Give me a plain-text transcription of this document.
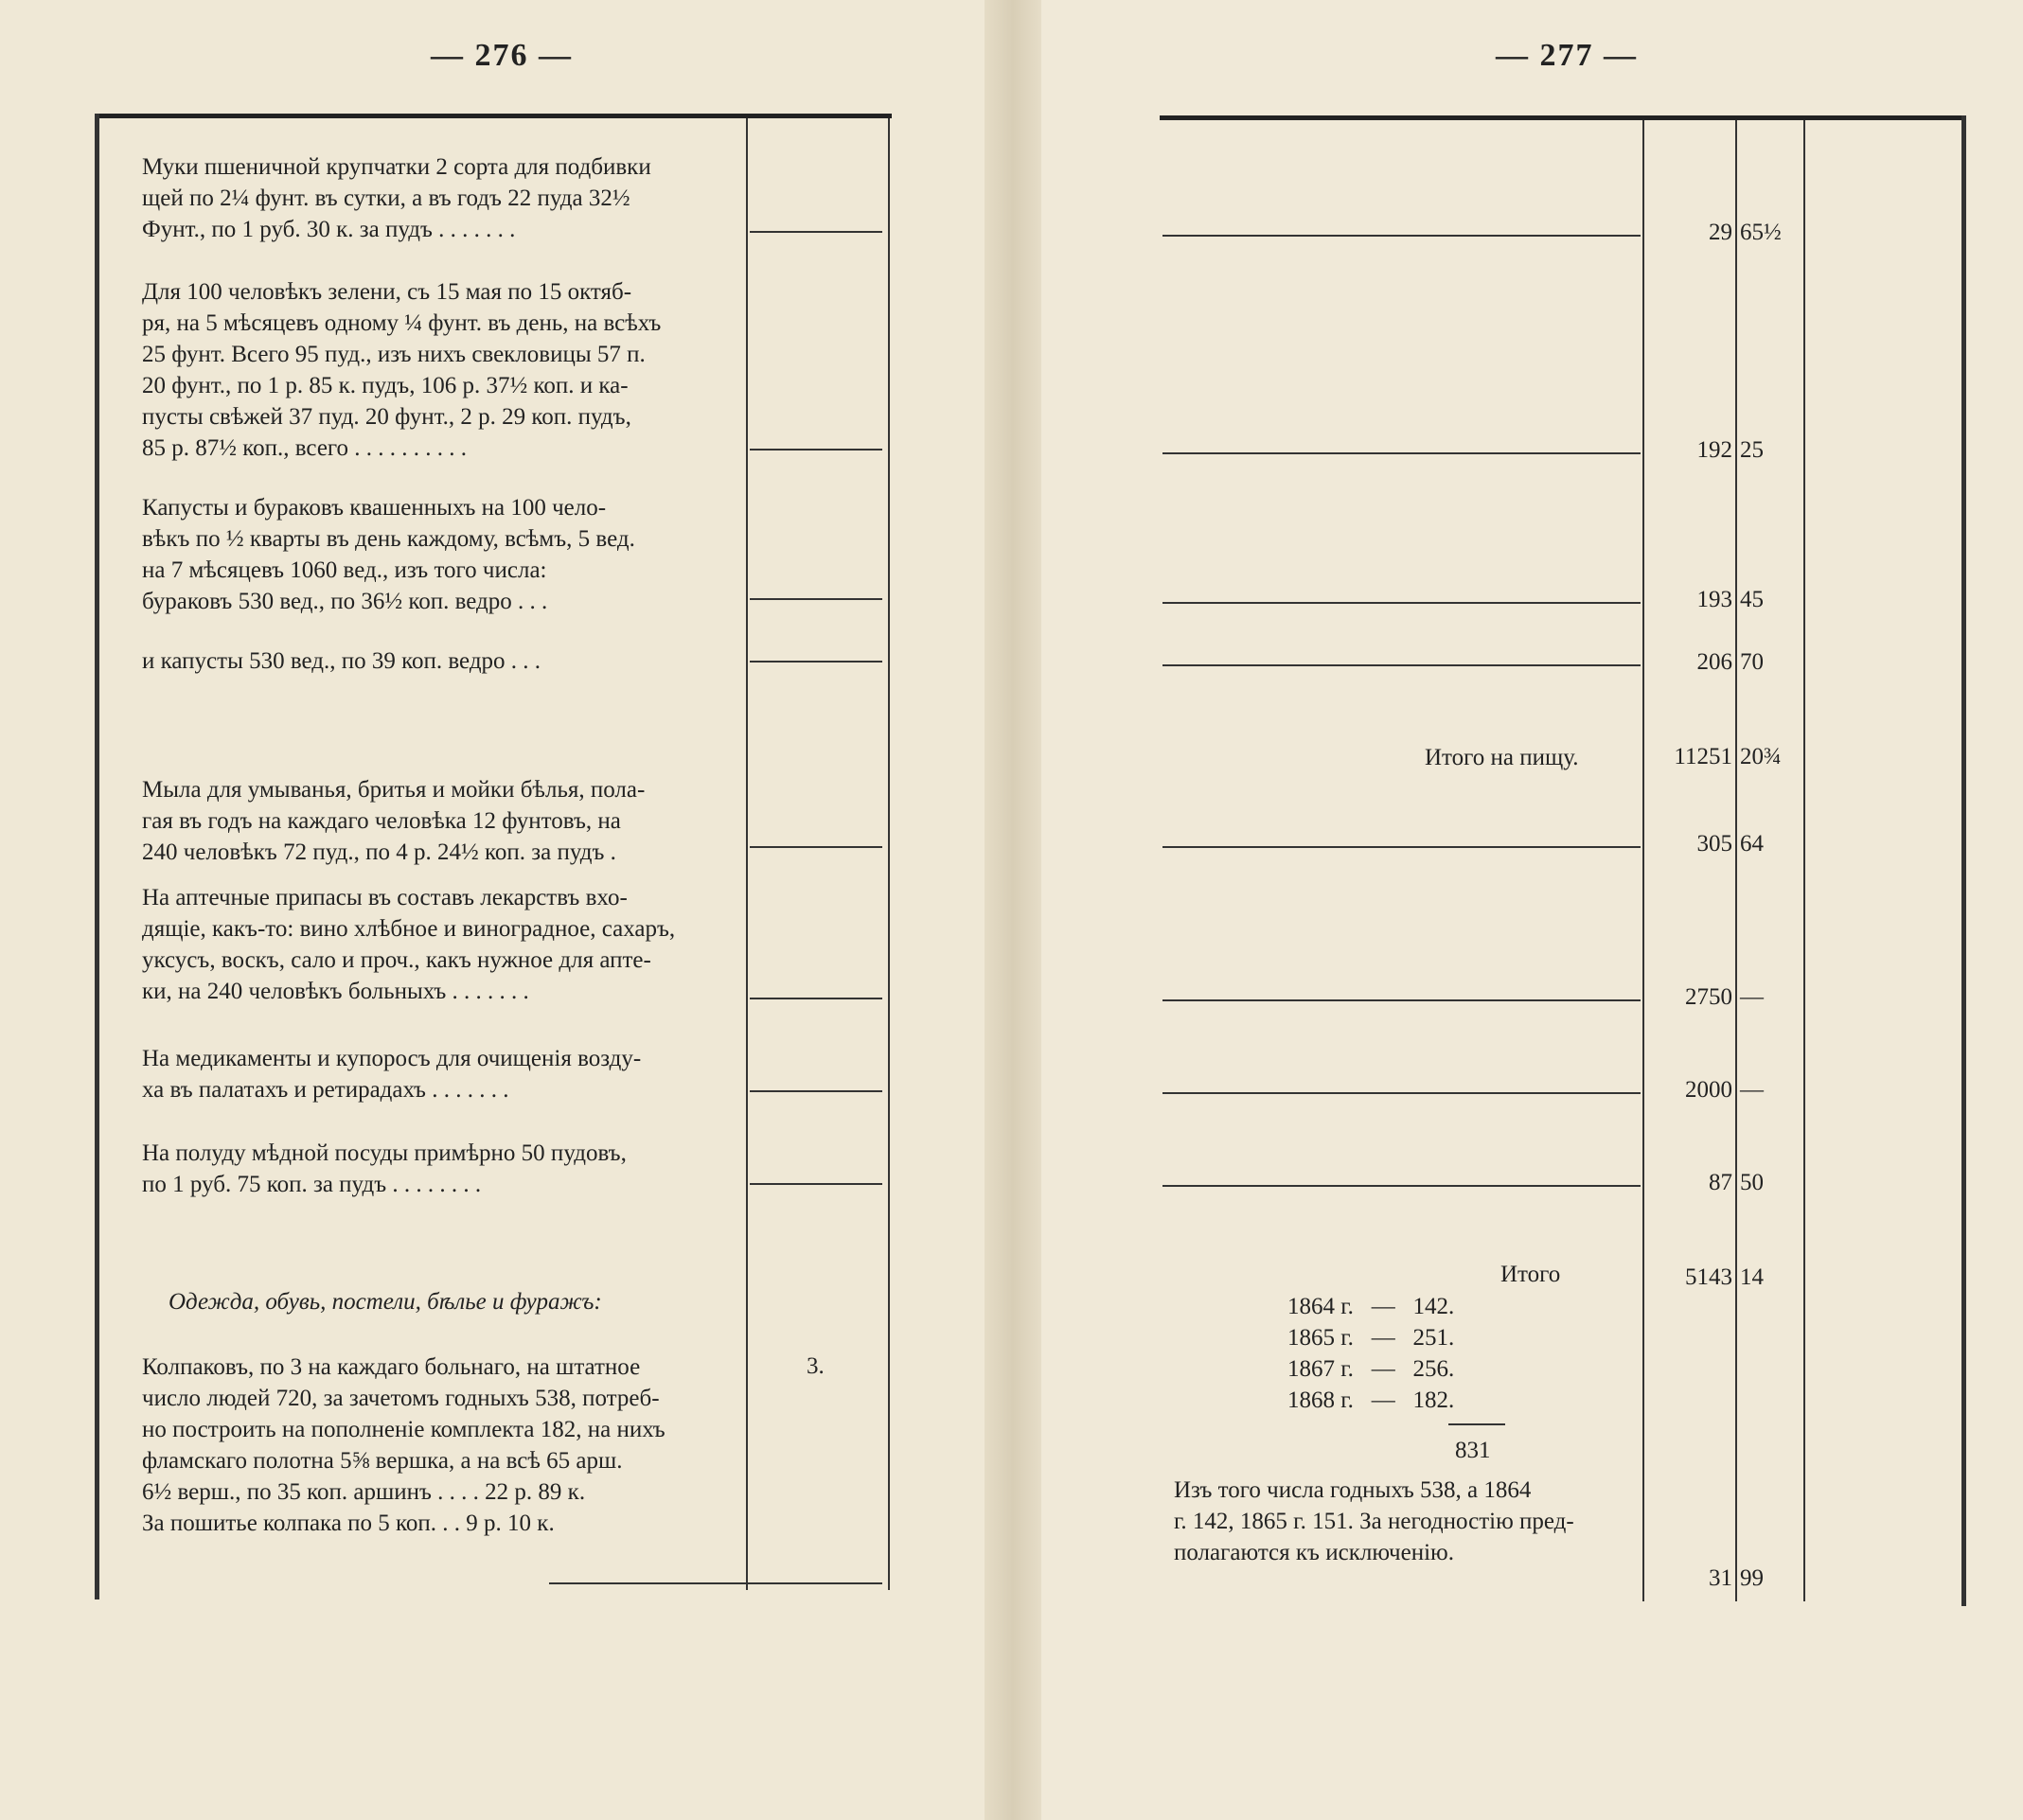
— 276 —
Муки пшеничной крупчатки 2 сорта для подбивки
щей по 2¼ фунт. въ сутки, а въ годъ 22 пуда 32½
Фунт., по 1 руб. 30 к. за пудъ . . . . . . .
Для 100 человѣкъ зелени, съ 15 мая по 15 октяб-
ря, на 5 мѣсяцевъ одному ¼ фунт. въ день, на всѣхъ
25 фунт. Всего 95 пуд., изъ нихъ свекловицы 57 п.
20 фунт., по 1 р. 85 к. пудъ, 106 р. 37½ коп. и ка-
пусты свѣжей 37 пуд. 20 фунт., 2 р. 29 коп. пудъ,
85 р. 87½ коп., всего . . . . . . . . . .
Капусты и бураковъ квашенныхъ на 100 чело-
вѣкъ по ½ кварты въ день каждому, всѣмъ, 5 вед.
на 7 мѣсяцевъ 1060 вед., изъ того числа:
бураковъ 530 вед., по 36½ коп. ведро . . .
и капусты 530 вед., по 39 коп. ведро . . .
Мыла для умыванья, бритья и мойки бѣлья, пола-
гая въ годъ на каждаго человѣка 12 фунтовъ, на
240 человѣкъ 72 пуд., по 4 р. 24½ коп. за пудъ .
На аптечные припасы въ составъ лекарствъ вхо-
дящіе, какъ-то: вино хлѣбное и виноградное, сахаръ,
уксусъ, воскъ, сало и проч., какъ нужное для апте-
ки, на 240 человѣкъ больныхъ . . . . . . .
На медикаменты и купоросъ для очищенія возду-
ха въ палатахъ и ретирадахъ . . . . . . .
На полуду мѣдной посуды примѣрно 50 пудовъ,
по 1 руб. 75 коп. за пудъ . . . . . . . .
Одежда, обувь, постели, бѣлье и фуражъ:
Колпаковъ, по 3 на каждаго больнаго, на штатное
число людей 720, за зачетомъ годныхъ 538, потреб-
но построить на пополненіе комплекта 182, на нихъ
фламскаго полотна 5⅝ вершка, а на всѣ 65 арш.
6½ верш., по 35 коп. аршинъ . . . . 22 р. 89 к.
За пошитье колпака по 5 коп. . . 9 р. 10 к.
3.
— 277 —
29 65½
192 25
193 45
206 70
Итого на пищу.	11251 20¾
305 64
2750 —
2000 —
87 50
Итого	5143 14
1864 г. — 142.
1865 г. — 251.
1867 г. — 256.
1868 г. — 182.
831
Изъ того числа годныхъ 538, а 1864
г. 142, 1865 г. 151. За негодностію пред-
полагаются къ исключенію.
31 99
